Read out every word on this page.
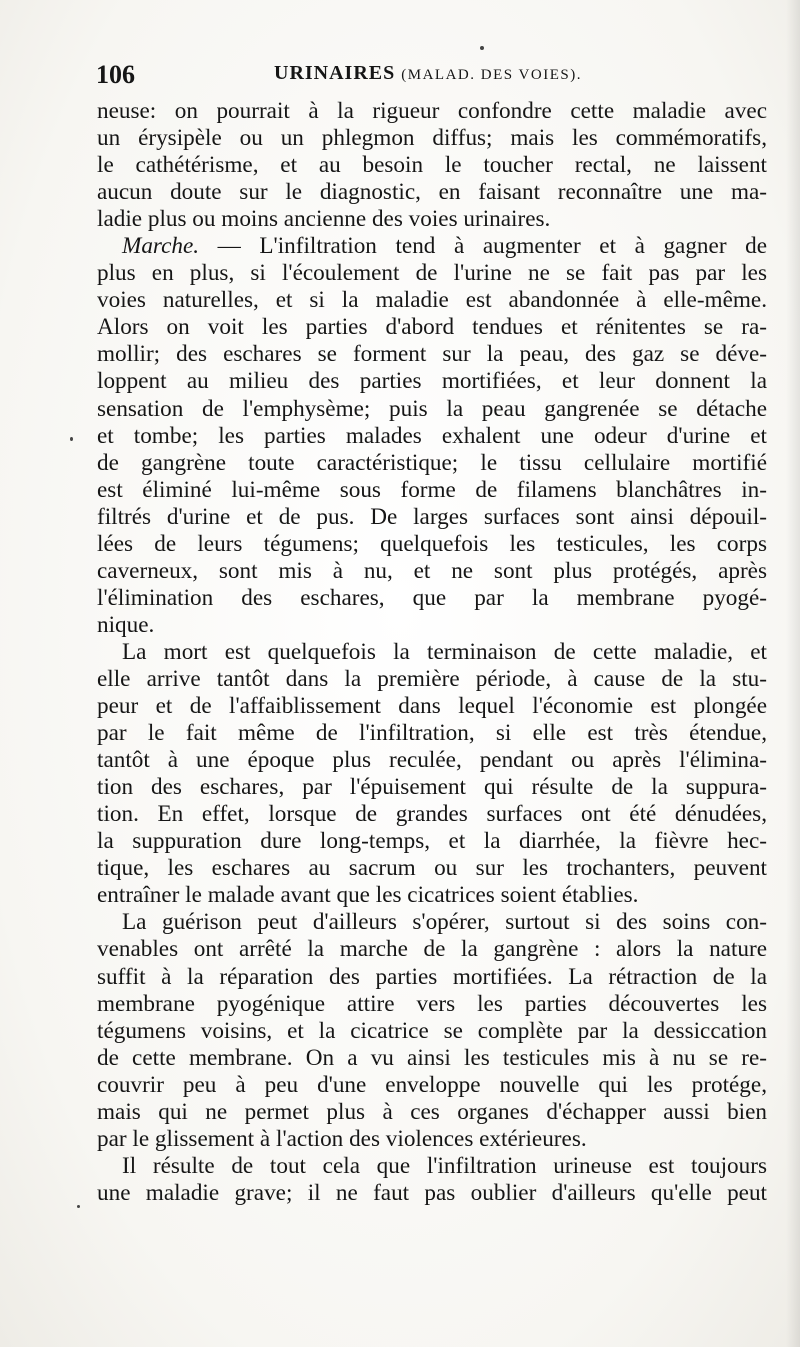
106	URINAIRES (MALAD. DES VOIES).
neuse: on pourrait à la rigueur confondre cette maladie avec
un érysipèle ou un phlegmon diffus; mais les commémoratifs,
le cathétérisme, et au besoin le toucher rectal, ne laissent
aucun doute sur le diagnostic, en faisant reconnaître une ma-
ladie plus ou moins ancienne des voies urinaires.
Marche. — L'infiltration tend à augmenter et à gagner de
plus en plus, si l'écoulement de l'urine ne se fait pas par les
voies naturelles, et si la maladie est abandonnée à elle-même.
Alors on voit les parties d'abord tendues et rénitentes se ra-
mollir; des eschares se forment sur la peau, des gaz se déve-
loppent au milieu des parties mortifiées, et leur donnent la
sensation de l'emphysème; puis la peau gangrenée se détache
et tombe; les parties malades exhalent une odeur d'urine et
de gangrène toute caractéristique; le tissu cellulaire mortifié
est éliminé lui-même sous forme de filamens blanchâtres in-
filtrés d'urine et de pus. De larges surfaces sont ainsi dépouil-
lées de leurs tégumens; quelquefois les testicules, les corps
caverneux, sont mis à nu, et ne sont plus protégés, après
l'élimination des eschares, que par la membrane pyogé-
nique.
La mort est quelquefois la terminaison de cette maladie, et
elle arrive tantôt dans la première période, à cause de la stu-
peur et de l'affaiblissement dans lequel l'économie est plongée
par le fait même de l'infiltration, si elle est très étendue,
tantôt à une époque plus reculée, pendant ou après l'élimina-
tion des eschares, par l'épuisement qui résulte de la suppura-
tion. En effet, lorsque de grandes surfaces ont été dénudées,
la suppuration dure long-temps, et la diarrhée, la fièvre hec-
tique, les eschares au sacrum ou sur les trochanters, peuvent
entraîner le malade avant que les cicatrices soient établies.
La guérison peut d'ailleurs s'opérer, surtout si des soins con-
venables ont arrêté la marche de la gangrène : alors la nature
suffit à la réparation des parties mortifiées. La rétraction de la
membrane pyogénique attire vers les parties découvertes les
tégumens voisins, et la cicatrice se complète par la dessiccation
de cette membrane. On a vu ainsi les testicules mis à nu se re-
couvrir peu à peu d'une enveloppe nouvelle qui les protége,
mais qui ne permet plus à ces organes d'échapper aussi bien
par le glissement à l'action des violences extérieures.
Il résulte de tout cela que l'infiltration urineuse est toujours
une maladie grave; il ne faut pas oublier d'ailleurs qu'elle peut
